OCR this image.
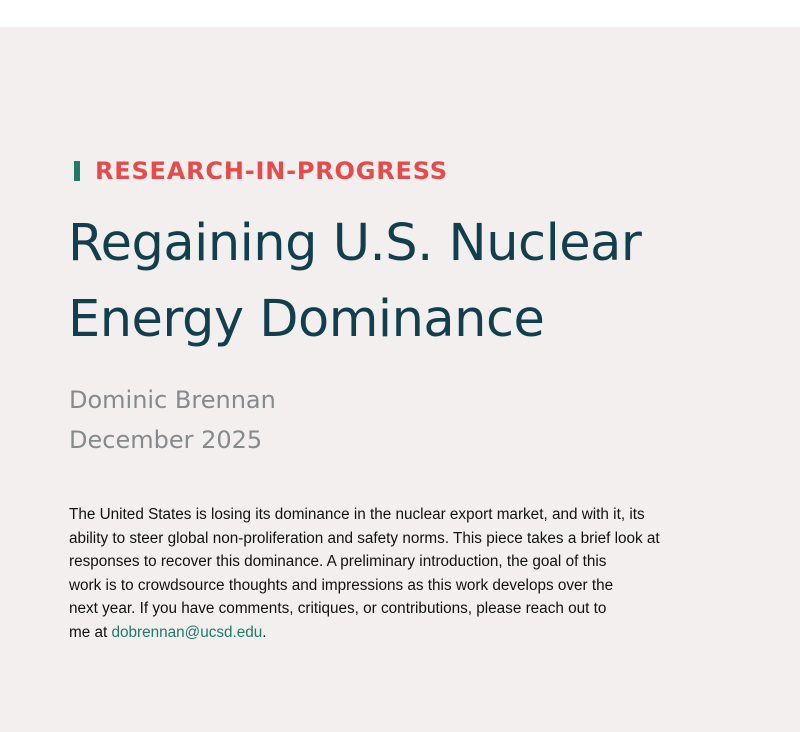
RESEARCH-IN-PROGRESS
Regaining U.S. Nuclear
Energy Dominance
Dominic Brennan
December 2025

The United States is losing its dominance in the nuclear export market, and with it, its
ability to steer global non-proliferation and safety norms. This piece takes a brief look at
responses to recover this dominance. A preliminary introduction, the goal of this
work is to crowdsource thoughts and impressions as this work develops over the
next year. If you have comments, critiques, or contributions, please reach out to
me at dobrennan@ucsd.edu.
